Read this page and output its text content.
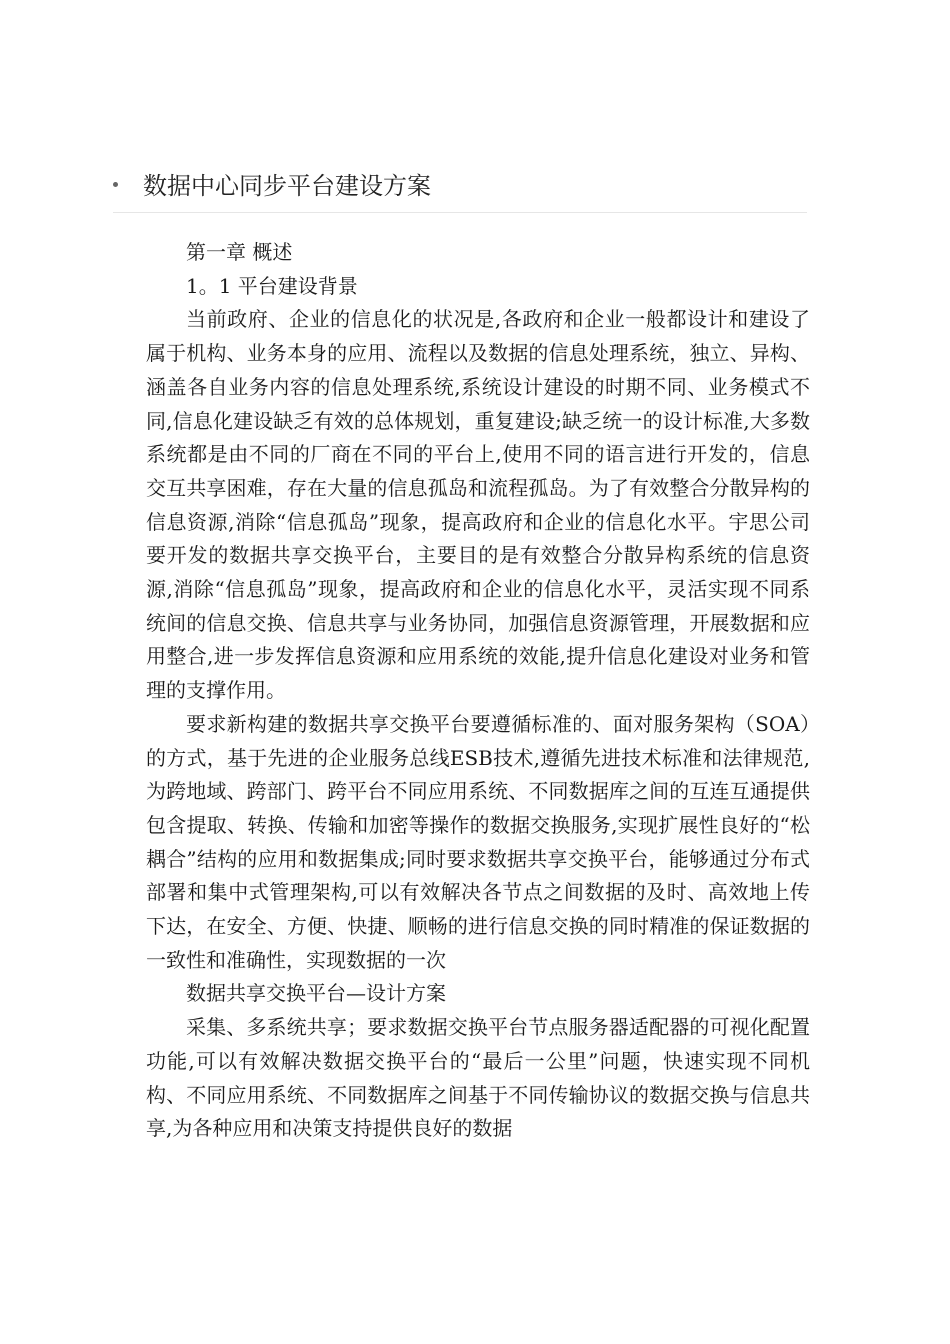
数据中心同步平台建设方案

第一章 概述

1。1 平台建设背景

当前政府、企业的信息化的状况是,各政府和企业一般都设计和建设了属于机构、业务本身的应用、流程以及数据的信息处理系统，独立、异构、涵盖各自业务内容的信息处理系统,系统设计建设的时期不同、业务模式不同,信息化建设缺乏有效的总体规划，重复建设;缺乏统一的设计标准,大多数系统都是由不同的厂商在不同的平台上,使用不同的语言进行开发的，信息交互共享困难，存在大量的信息孤岛和流程孤岛。为了有效整合分散异构的信息资源,消除“信息孤岛”现象，提高政府和企业的信息化水平。宇思公司要开发的数据共享交换平台，主要目的是有效整合分散异构系统的信息资源,消除“信息孤岛”现象，提高政府和企业的信息化水平，灵活实现不同系统间的信息交换、信息共享与业务协同，加强信息资源管理，开展数据和应用整合,进一步发挥信息资源和应用系统的效能,提升信息化建设对业务和管理的支撑作用。

要求新构建的数据共享交换平台要遵循标准的、面对服务架构（SOA）的方式，基于先进的企业服务总线ESB技术,遵循先进技术标准和法律规范,为跨地域、跨部门、跨平台不同应用系统、不同数据库之间的互连互通提供包含提取、转换、传输和加密等操作的数据交换服务,实现扩展性良好的“松耦合”结构的应用和数据集成;同时要求数据共享交换平台，能够通过分布式部署和集中式管理架构,可以有效解决各节点之间数据的及时、高效地上传下达，在安全、方便、快捷、顺畅的进行信息交换的同时精准的保证数据的一致性和准确性，实现数据的一次

数据共享交换平台—设计方案

采集、多系统共享；要求数据交换平台节点服务器适配器的可视化配置功能,可以有效解决数据交换平台的“最后一公里”问题，快速实现不同机构、不同应用系统、不同数据库之间基于不同传输协议的数据交换与信息共享,为各种应用和决策支持提供良好的数据
